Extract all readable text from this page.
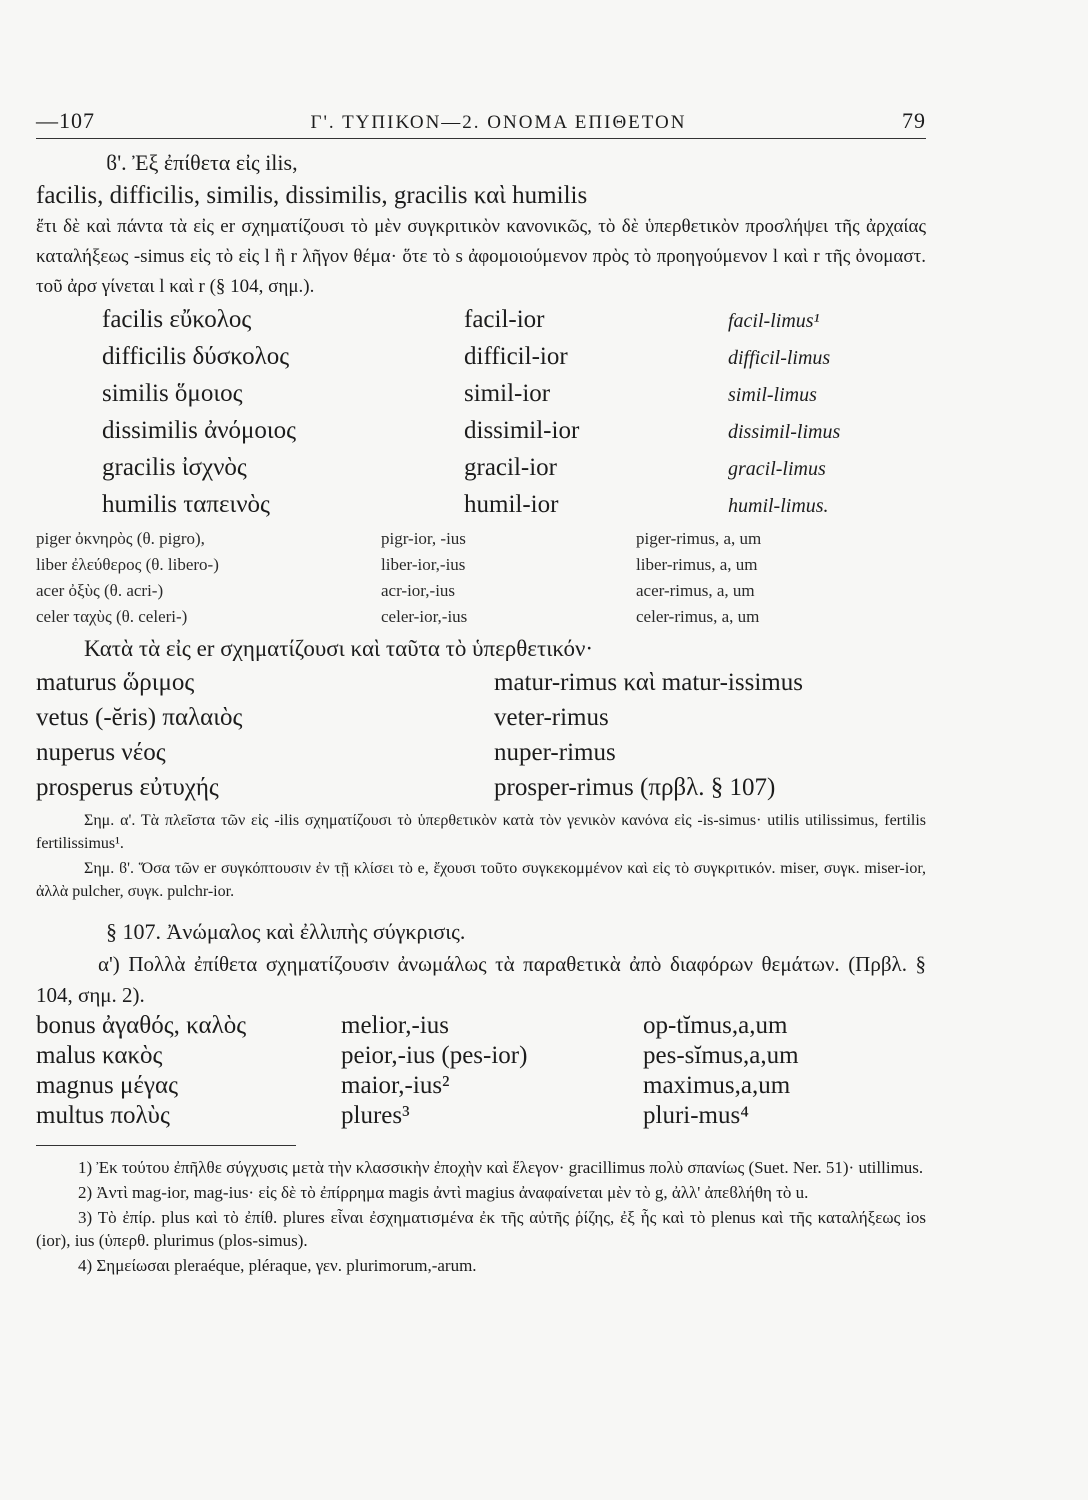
—107	Γ'. ΤΥΠΙΚΟΝ—2. ΟΝΟΜΑ ΕΠΙΘΕΤΟΝ	79

ϐ'. Ἐξ ἐπίθετα εἰς ilis,

facilis, difficilis, similis, dissimilis, gracilis καὶ humilis

ἔτι δὲ καὶ πάντα τὰ εἰς er σχηματίζουσι τὸ μὲν συγκριτικὸν κανονικῶς, τὸ δὲ ὑπερθετικὸν προσλήψει τῆς ἀρχαίας καταλήξεως -simus εἰς τὸ εἰς l ἢ r λῆγον θέμα· ὅτε τὸ s ἀφομοιούμενον πρὸς τὸ προηγούμενον l καὶ r τῆς ὀνομαστ. τοῦ ἀρσ γίνεται l καὶ r (§ 104, σημ.).

facilis εὔκολος	facil-ior	facil-limus¹
difficilis δύσκολος	difficil-ior	difficil-limus
similis ὅμοιος	simil-ior	simil-limus
dissimilis ἀνόμοιος	dissimil-ior	dissimil-limus
gracilis ἰσχνὸς	gracil-ior	gracil-limus
humilis ταπεινὸς	humil-ior	humil-limus.
piger ὀκνηρὸς (θ. pigro),	pigr-ior, -ius	piger-rimus, a, um
liber ἐλεύθερος (θ. libero-)	liber-ior,-ius	liber-rimus, a, um
acer ὀξὺς (θ. acri-)	acr-ior,-ius	acer-rimus, a, um
celer ταχὺς (θ. celeri-)	celer-ior,-ius	celer-rimus, a, um

Κατὰ τὰ εἰς er σχηματίζουσι καὶ ταῦτα τὸ ὑπερθετικόν·

maturus ὥριμος	matur-rimus καὶ matur-issimus
vetus (-ĕris) παλαιὸς	veter-rimus
nuperus νέος	nuper-rimus
prosperus εὐτυχής	prosper-rimus (πρβλ. § 107)

Σημ. α'. Τὰ πλεῖστα τῶν εἰς -ilis σχηματίζουσι τὸ ὑπερθετικὸν κατὰ τὸν γενικὸν κανόνα εἰς -is-simus· utilis utilissimus, fertilis fertilissimus¹.

Σημ. ϐ'. Ὅσα τῶν er συγκόπτουσιν ἐν τῇ κλίσει τὸ e, ἔχουσι τοῦτο συγκεκομμένον καὶ εἰς τὸ συγκριτικόν. miser, συγκ. miser-ior, ἀλλὰ pulcher, συγκ. pulchr-ior.

§ 107. Ἀνώμαλος καὶ ἐλλιπὴς σύγκρισις.

α') Πολλὰ ἐπίθετα σχηματίζουσιν ἀνωμάλως τὰ παραθετικὰ ἀπὸ διαφόρων θεμάτων. (Πρβλ. § 104, σημ. 2).

bonus ἀγαθός, καλὸς	melior,-ius	op-tĭmus,a,um
malus κακὸς	peior,-ius (pes-ior)	pes-sĭmus,a,um
magnus μέγας	maior,-ius²	maximus,a,um
multus πολὺς	plures³	pluri-mus⁴

1) Ἐκ τούτου ἐπῆλθε σύγχυσις μετὰ τὴν κλασσικὴν ἐποχὴν καὶ ἔλεγον· gracillimus πολὺ σπανίως (Suet. Ner. 51)· utillimus.

2) Ἀντὶ mag-ior, mag-ius· εἰς δὲ τὸ ἐπίρρημα magis ἀντὶ magius ἀναφαίνεται μὲν τὸ g, ἀλλ' ἀπεϐλήθη τὸ u.

3) Τὸ ἐπίρ. plus καὶ τὸ ἐπίθ. plures εἶναι ἐσχηματισμένα ἐκ τῆς αὐτῆς ῥίζης, ἐξ ἧς καὶ τὸ plenus καὶ τῆς καταλήξεως ios (ior), ius (ὑπερθ. plurimus (plos-simus).

4) Σημείωσαι pleraéque, pléraque, γεν. plurimorum,-arum.
